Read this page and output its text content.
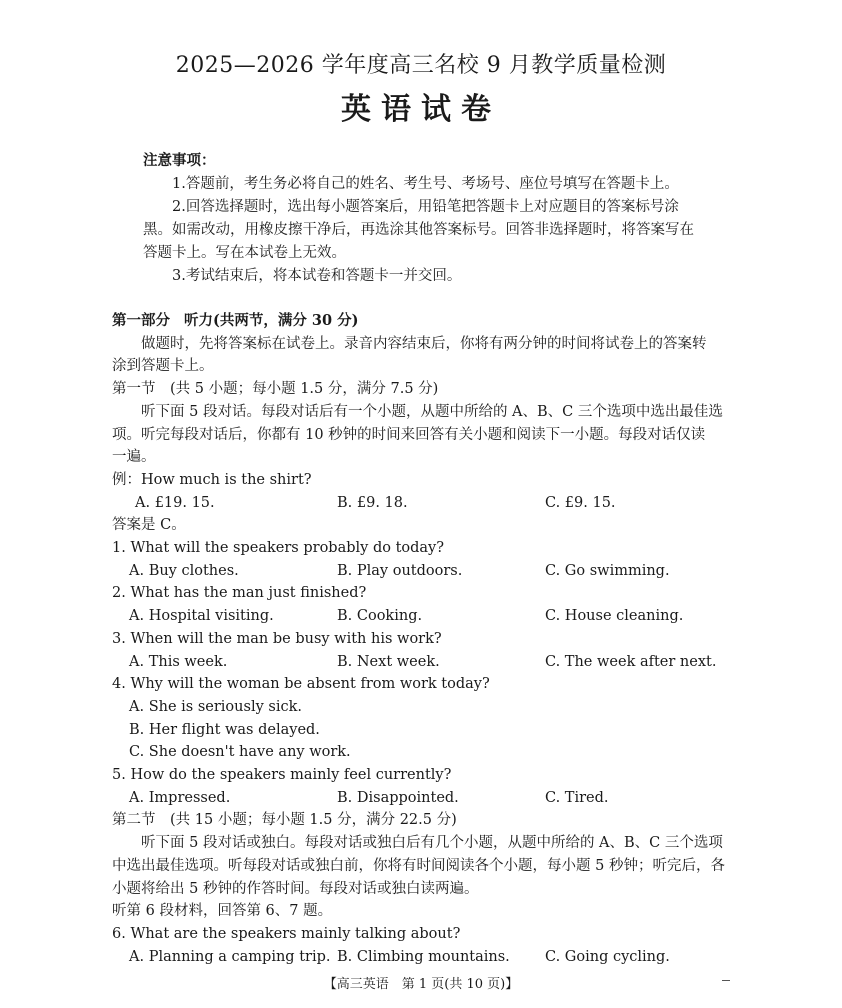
2025—2026 学年度高三名校 9 月教学质量检测
英语试卷
注意事项：
1.答题前，考生务必将自己的姓名、考生号、考场号、座位号填写在答题卡上。
2.回答选择题时，选出每小题答案后，用铅笔把答题卡上对应题目的答案标号涂
黑。如需改动，用橡皮擦干净后，再选涂其他答案标号。回答非选择题时，将答案写在
答题卡上。写在本试卷上无效。
3.考试结束后，将本试卷和答题卡一并交回。
第一部分 听力(共两节，满分 30 分)
做题时，先将答案标在试卷上。录音内容结束后，你将有两分钟的时间将试卷上的答案转
涂到答题卡上。
第一节　(共 5 小题；每小题 1.5 分，满分 7.5 分)
听下面 5 段对话。每段对话后有一个小题，从题中所给的 A、B、C 三个选项中选出最佳选
项。听完每段对话后，你都有 10 秒钟的时间来回答有关小题和阅读下一小题。每段对话仅读
一遍。
例：How much is the shirt?
A. £19. 15.	B. £9. 18.	C. £9. 15.
答案是 C。
1. What will the speakers probably do today?
A. Buy clothes.	B. Play outdoors.	C. Go swimming.
2. What has the man just finished?
A. Hospital visiting.	B. Cooking.	C. House cleaning.
3. When will the man be busy with his work?
A. This week.	B. Next week.	C. The week after next.
4. Why will the woman be absent from work today?
A. She is seriously sick.
B. Her flight was delayed.
C. She doesn't have any work.
5. How do the speakers mainly feel currently?
A. Impressed.	B. Disappointed.	C. Tired.
第二节　(共 15 小题；每小题 1.5 分，满分 22.5 分)
听下面 5 段对话或独白。每段对话或独白后有几个小题，从题中所给的 A、B、C 三个选项
中选出最佳选项。听每段对话或独白前，你将有时间阅读各个小题，每小题 5 秒钟；听完后，各
小题将给出 5 秒钟的作答时间。每段对话或独白读两遍。
听第 6 段材料，回答第 6、7 题。
6. What are the speakers mainly talking about?
A. Planning a camping trip. B. Climbing mountains.	C. Going cycling.
【高三英语　第 1 页(共 10 页)】
